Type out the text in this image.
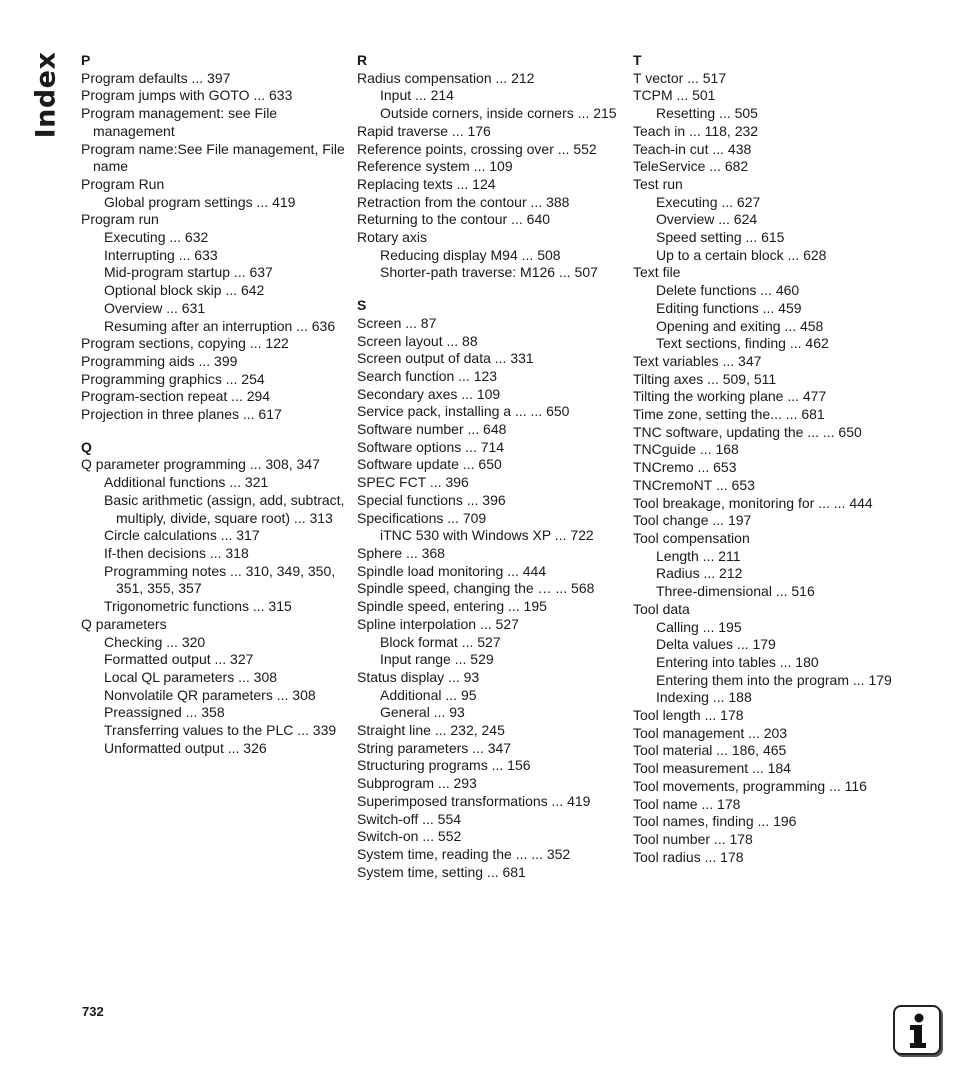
Index P
Program defaults ... 397
Program jumps with GOTO ... 633
Program management: see File management
Program name:See File management, File name
Program Run
Global program settings ... 419
Program run
Executing ... 632
Interrupting ... 633
Mid-program startup ... 637
Optional block skip ... 642
Overview ... 631
Resuming after an interruption ... 636
Program sections, copying ... 122
Programming aids ... 399
Programming graphics ... 254
Program-section repeat ... 294
Projection in three planes ... 617
Q
Q parameter programming ... 308, 347
Additional functions ... 321
Basic arithmetic (assign, add, subtract, multiply, divide, square root) ... 313
Circle calculations ... 317
If-then decisions ... 318
Programming notes ... 310, 349, 350, 351, 355, 357
Trigonometric functions ... 315
Q parameters
Checking ... 320
Formatted output ... 327
Local QL parameters ... 308
Nonvolatile QR parameters ... 308
Preassigned ... 358
Transferring values to the PLC ... 339
Unformatted output ... 326
R
Radius compensation ... 212
Input ... 214
Outside corners, inside corners ... 215
Rapid traverse ... 176
Reference points, crossing over ... 552
Reference system ... 109
Replacing texts ... 124
Retraction from the contour ... 388
Returning to the contour ... 640
Rotary axis
Reducing display M94 ... 508
Shorter-path traverse: M126 ... 507
S
Screen ... 87
Screen layout ... 88
Screen output of data ... 331
Search function ... 123
Secondary axes ... 109
Service pack, installing a ... ... 650
Software number ... 648
Software options ... 714
Software update ... 650
SPEC FCT ... 396
Special functions ... 396
Specifications ... 709
iTNC 530 with Windows XP ... 722
Sphere ... 368
Spindle load monitoring ... 444
Spindle speed, changing the … ... 568
Spindle speed, entering ... 195
Spline interpolation ... 527
Block format ... 527
Input range ... 529
Status display ... 93
Additional ... 95
General ... 93
Straight line ... 232, 245
String parameters ... 347
Structuring programs ... 156
Subprogram ... 293
Superimposed transformations ... 419
Switch-off ... 554
Switch-on ... 552
System time, reading the ... ... 352
System time, setting ... 681
T
T vector ... 517
TCPM ... 501
Resetting ... 505
Teach in ... 118, 232
Teach-in cut ... 438
TeleService ... 682
Test run
Executing ... 627
Overview ... 624
Speed setting ... 615
Up to a certain block ... 628
Text file
Delete functions ... 460
Editing functions ... 459
Opening and exiting ... 458
Text sections, finding ... 462
Text variables ... 347
Tilting axes ... 509, 511
Tilting the working plane ... 477
Time zone, setting the... ... 681
TNC software, updating the ... ... 650
TNCguide ... 168
TNCremo ... 653
TNCremoNT ... 653
Tool breakage, monitoring for ... ... 444
Tool change ... 197
Tool compensation
Length ... 211
Radius ... 212
Three-dimensional ... 516
Tool data
Calling ... 195
Delta values ... 179
Entering into tables ... 180
Entering them into the program ... 179
Indexing ... 188
Tool length ... 178
Tool management ... 203
Tool material ... 186, 465
Tool measurement ... 184
Tool movements, programming ... 116
Tool name ... 178
Tool names, finding ... 196
Tool number ... 178
Tool radius ... 178
732
